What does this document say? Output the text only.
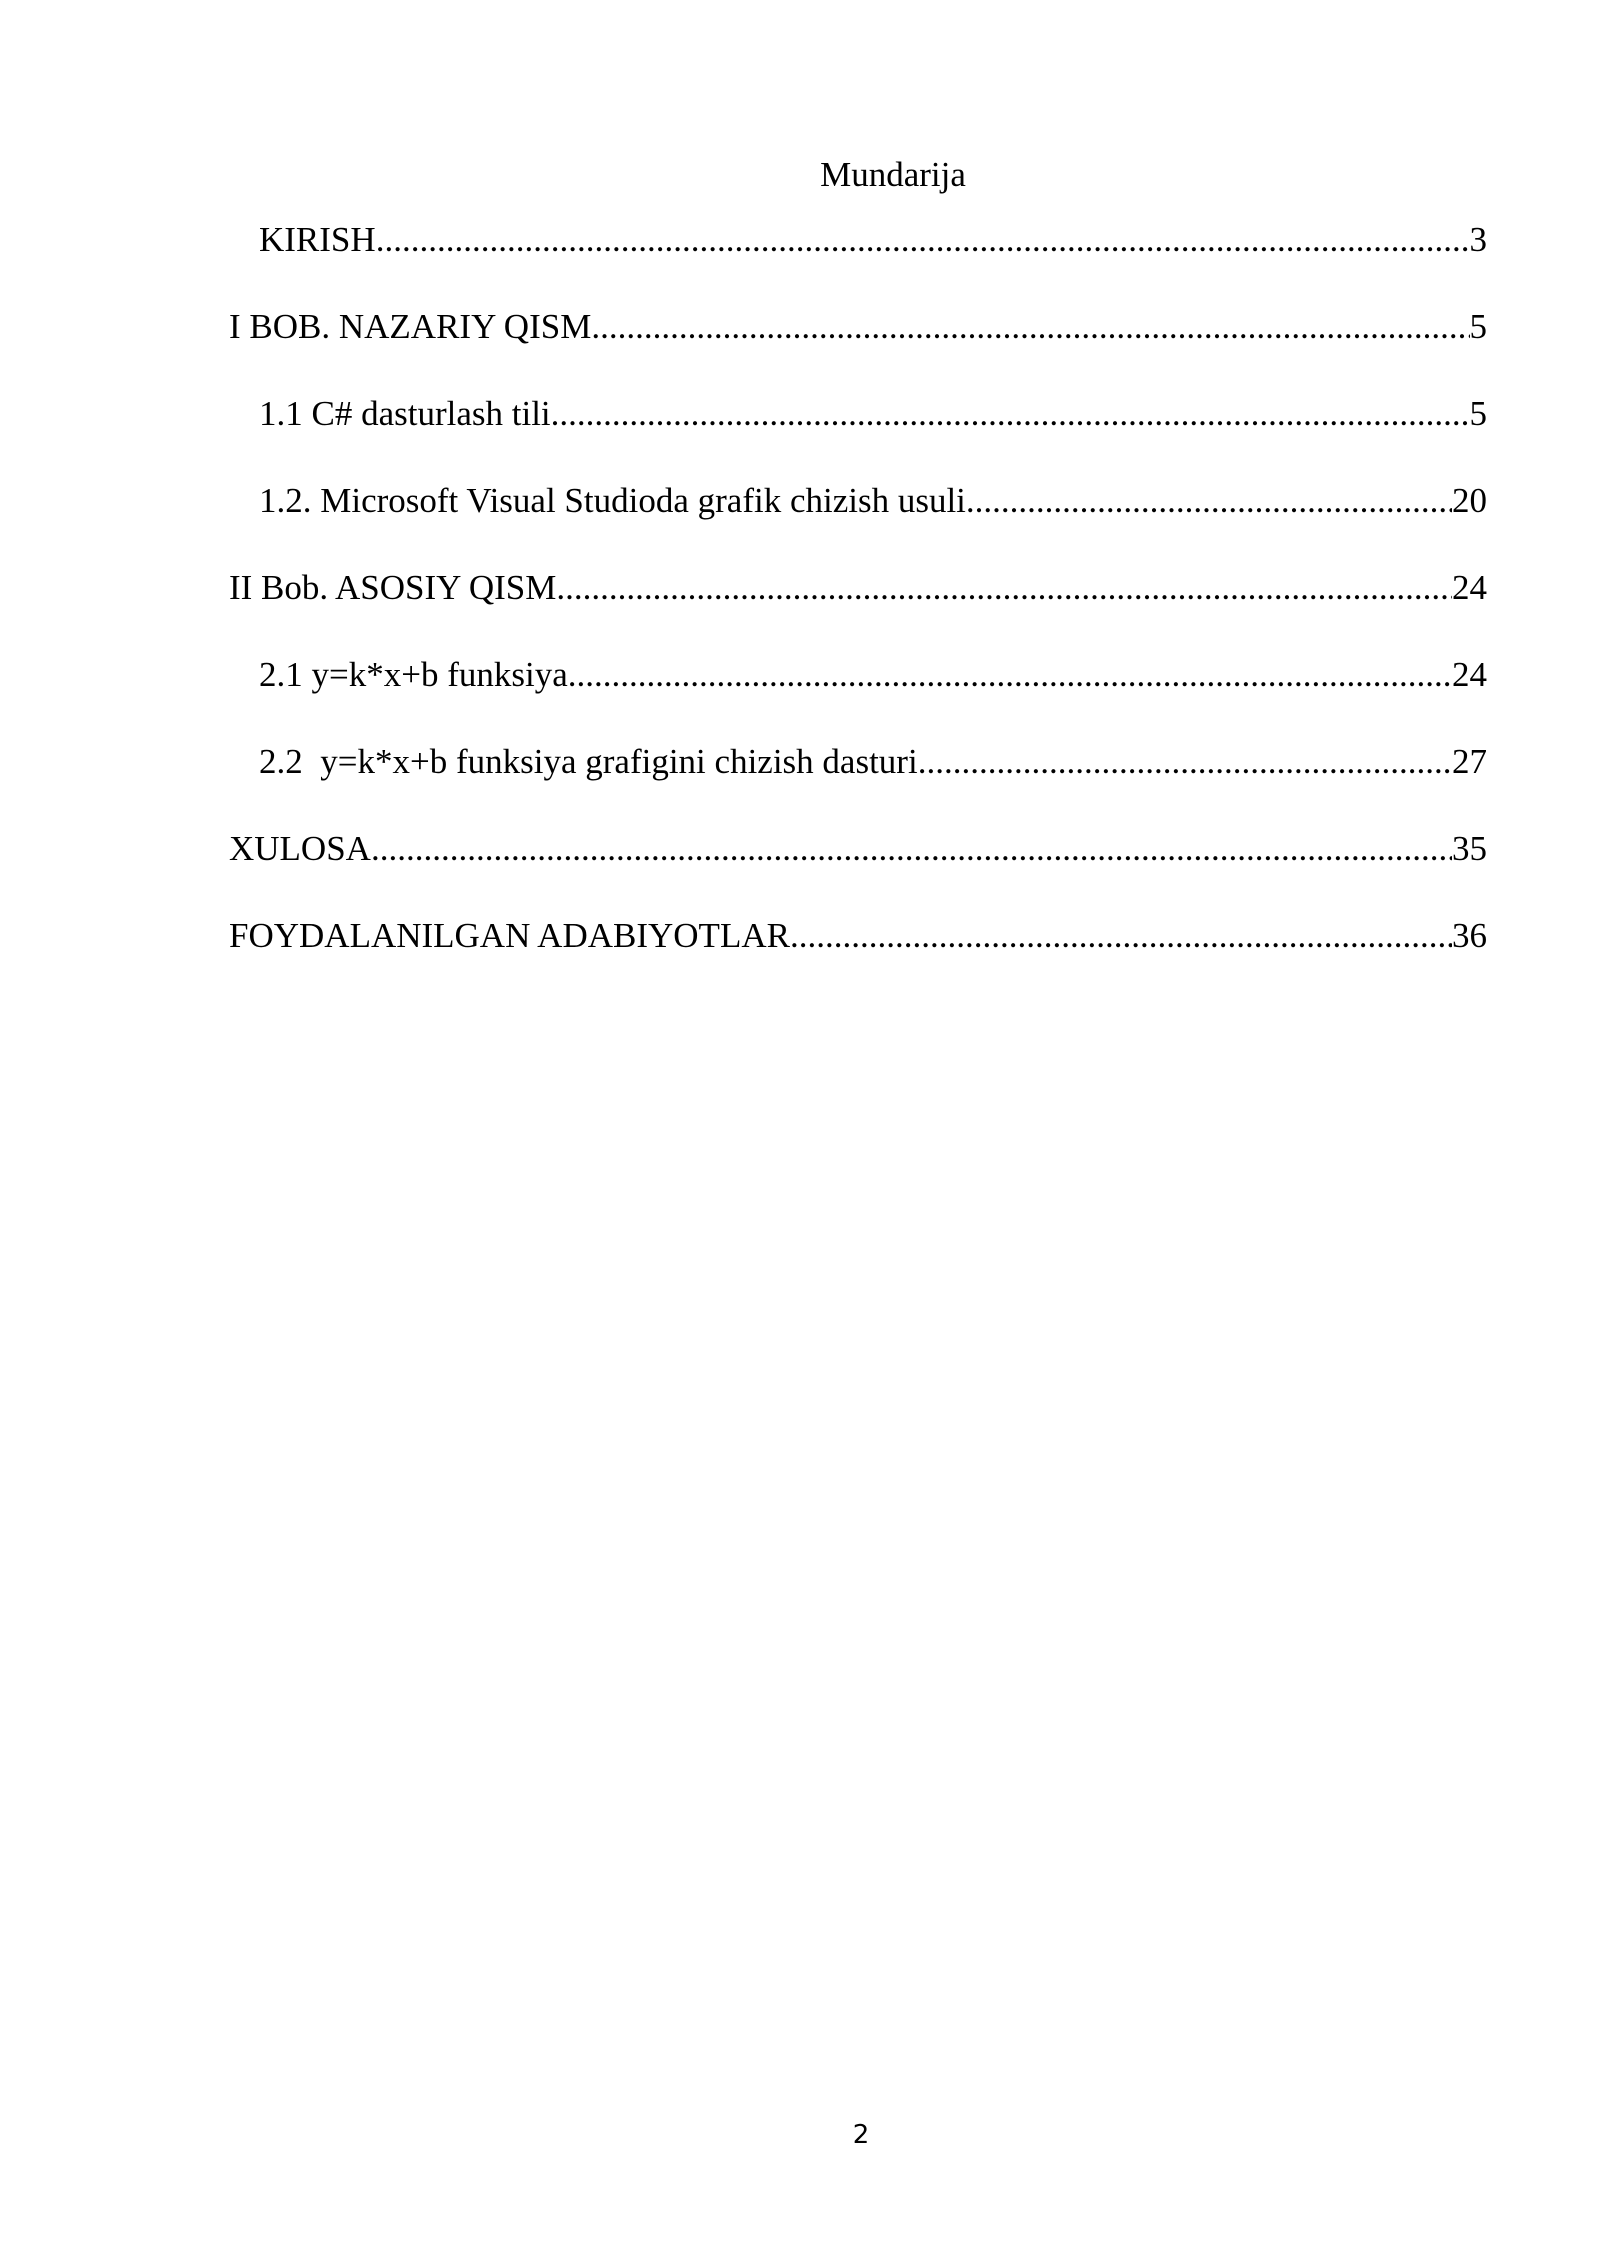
Mundarija
KIRISH .....	3
I BOB. NAZARIY QISM .....	5
1.1 C# dasturlash tili .....	5
1.2. Microsoft Visual Studioda grafik chizish usuli .....	20
II Bob. ASOSIY QISM .....	24
2.1 y=k*x+b funksiya .....	24
2.2  y=k*x+b funksiya grafigini chizish dasturi .....	27
XULOSA .....	35
FOYDALANILGAN ADABIYOTLAR .....	36
2
